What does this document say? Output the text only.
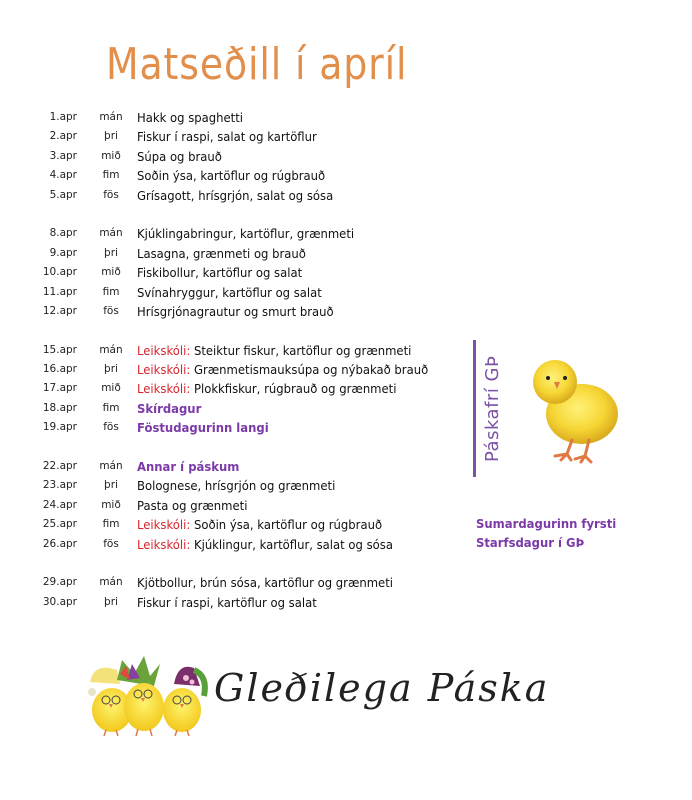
Matseðill í apríl
1.apr	mán Hakk og spaghetti
2.apr	þri	Fiskur í raspi, salat og kartöflur
3.apr	mið	Súpa og brauð
4.apr	fim	Soðin ýsa, kartöflur og rúgbrauð
5.apr	fös	Grísagott, hrísgrjón, salat og sósa
8.apr	mán Kjúklingabringur, kartöflur, grænmeti
9.apr	þri	Lasagna, grænmeti og brauð
10.apr	mið	Fiskibollur, kartöflur og salat
11.apr	fim	Svínahryggur, kartöflur og salat
12.apr	fös	Hrísgrjónagrautur og smurt brauð
15.apr	mán Leikskóli: Steiktur fiskur, kartöflur og grænmeti
16.apr	þri	Leikskóli: Grænmetismauksúpa og nýbakað brauð
17.apr	mið	Leikskóli: Plokkfiskur, rúgbrauð og grænmeti
18.apr	fim	Skírdagur
19.apr	fös	Föstudagurinn langi
22.apr	mán Annar í páskum
23.apr	þri	Bolognese, hrísgrjón og grænmeti
24.apr	mið	Pasta og grænmeti
25.apr	fim	Leikskóli: Soðin ýsa, kartöflur og rúgbrauð
26.apr	fös	Leikskóli: Kjúklingur, kartöflur, salat og sósa
29.apr	mán Kjötbollur, brún sósa, kartöflur og grænmeti
30.apr	þri	Fiskur í raspi, kartöflur og salat
Páskafrí GÞ
Sumardagurinn fyrsti
Starfsdagur í GÞ
Gleðilega Páska
